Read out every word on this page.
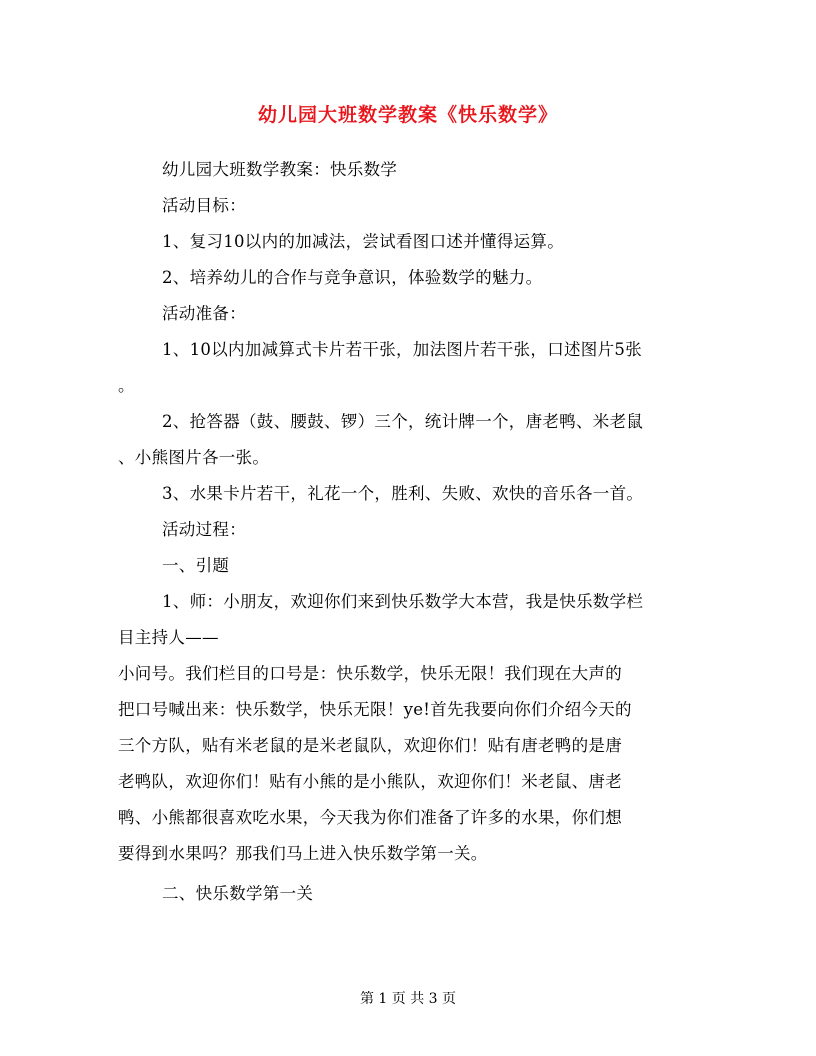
幼儿园大班数学教案《快乐数学》
幼儿园大班数学教案：快乐数学
活动目标：
1、复习10以内的加减法，尝试看图口述并懂得运算。
2、培养幼儿的合作与竞争意识，体验数学的魅力。
活动准备：
1、10以内加减算式卡片若干张，加法图片若干张，口述图片5张
。
2、抢答器（鼓、腰鼓、锣）三个，统计牌一个，唐老鸭、米老鼠
、小熊图片各一张。
3、水果卡片若干，礼花一个，胜利、失败、欢快的音乐各一首。
活动过程：
一、引题
1、师：小朋友，欢迎你们来到快乐数学大本营，我是快乐数学栏
目主持人——
小问号。我们栏目的口号是：快乐数学，快乐无限！我们现在大声的
把口号喊出来：快乐数学，快乐无限！ye!首先我要向你们介绍今天的
三个方队，贴有米老鼠的是米老鼠队，欢迎你们！贴有唐老鸭的是唐
老鸭队，欢迎你们！贴有小熊的是小熊队，欢迎你们！米老鼠、唐老
鸭、小熊都很喜欢吃水果，今天我为你们准备了许多的水果，你们想
要得到水果吗？那我们马上进入快乐数学第一关。
二、快乐数学第一关
第 1 页 共 3 页
